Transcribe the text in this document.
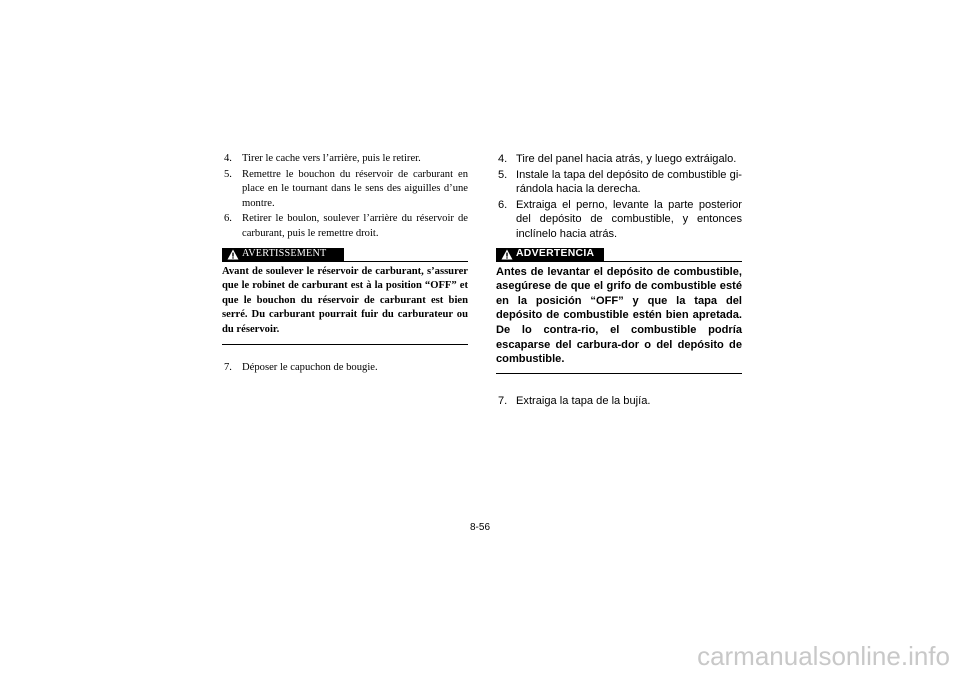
4. Tirer le cache vers l’arrière, puis le retirer.
5. Remettre le bouchon du réservoir de carburant en place en le tournant dans le sens des aiguilles d’une montre.
6. Retirer le boulon, soulever l’arrière du réservoir de carburant, puis le remettre droit.
AVERTISSEMENT
Avant de soulever le réservoir de carburant, s’assurer que le robinet de carburant est à la position “OFF” et que le bouchon du réservoir de carburant est bien serré. Du carburant pourrait fuir du carburateur ou du réservoir.
7. Déposer le capuchon de bougie.
4. Tire del panel hacia atrás, y luego extráigalo.
5. Instale la tapa del depósito de combustible gi-rándola hacia la derecha.
6. Extraiga el perno, levante la parte posterior del depósito de combustible, y entonces inclínelo hacia atrás.
ADVERTENCIA
Antes de levantar el depósito de combustible, asegúrese de que el grifo de combustible esté en la posición “OFF” y que la tapa del depósito de combustible estén bien apretada. De lo contra-rio, el combustible podría escaparse del carbura-dor o del depósito de combustible.
7. Extraiga la tapa de la bujía.
8-56
carmanualsonline.info
